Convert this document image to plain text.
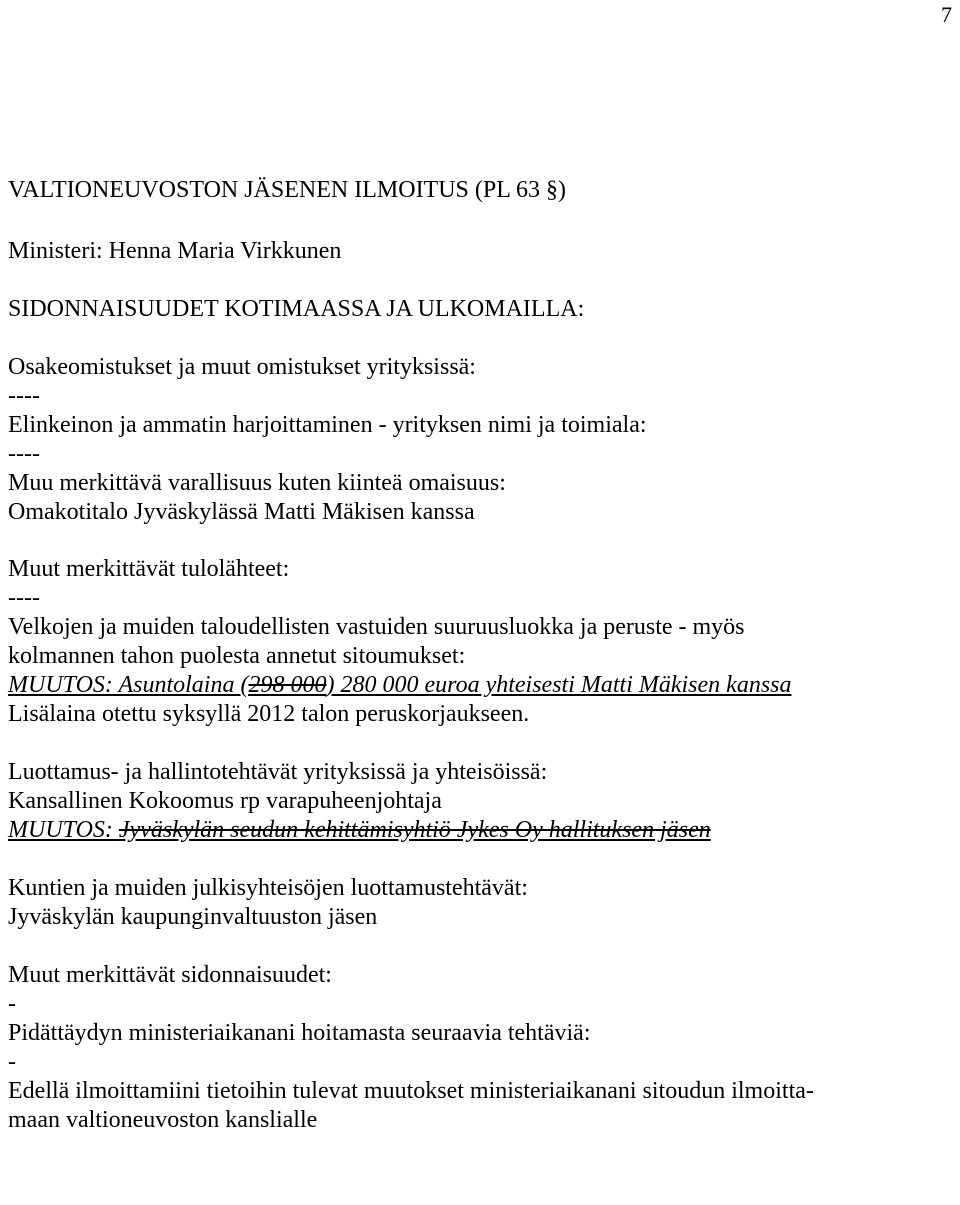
7
VALTIONEUVOSTON JÄSENEN ILMOITUS (PL 63 §)
Ministeri: Henna Maria Virkkunen
SIDONNAISUUDET KOTIMAASSA JA ULKOMAILLA:
Osakeomistukset ja muut omistukset yrityksissä:
----
Elinkeinon ja ammatin harjoittaminen - yrityksen nimi ja toimiala:
----
Muu merkittävä varallisuus kuten kiinteä omaisuus:
Omakotitalo Jyväskylässä Matti Mäkisen kanssa
Muut merkittävät tulolähteet:
----
Velkojen ja muiden taloudellisten vastuiden suuruusluokka ja peruste - myös
kolmannen tahon puolesta annetut sitoumukset:
MUUTOS: Asuntolaina (298 000) 280 000 euroa yhteisesti Matti Mäkisen kanssa
Lisälaina otettu syksyllä 2012 talon peruskorjaukseen.
Luottamus- ja hallintotehtävät yrityksissä ja yhteisöissä:
Kansallinen Kokoomus rp varapuheenjohtaja
MUUTOS: Jyväskylän seudun kehittämisyhtiö Jykes Oy hallituksen jäsen
Kuntien ja muiden julkisyhteisöjen luottamustehtävät:
Jyväskylän kaupunginvaltuuston jäsen
Muut merkittävät sidonnaisuudet:
-
Pidättäydyn ministeriaikanani hoitamasta seuraavia tehtäviä:
-
Edellä ilmoittamiini tietoihin tulevat muutokset ministeriaikanani sitoudun ilmoitta-
maan valtioneuvoston kanslialle
